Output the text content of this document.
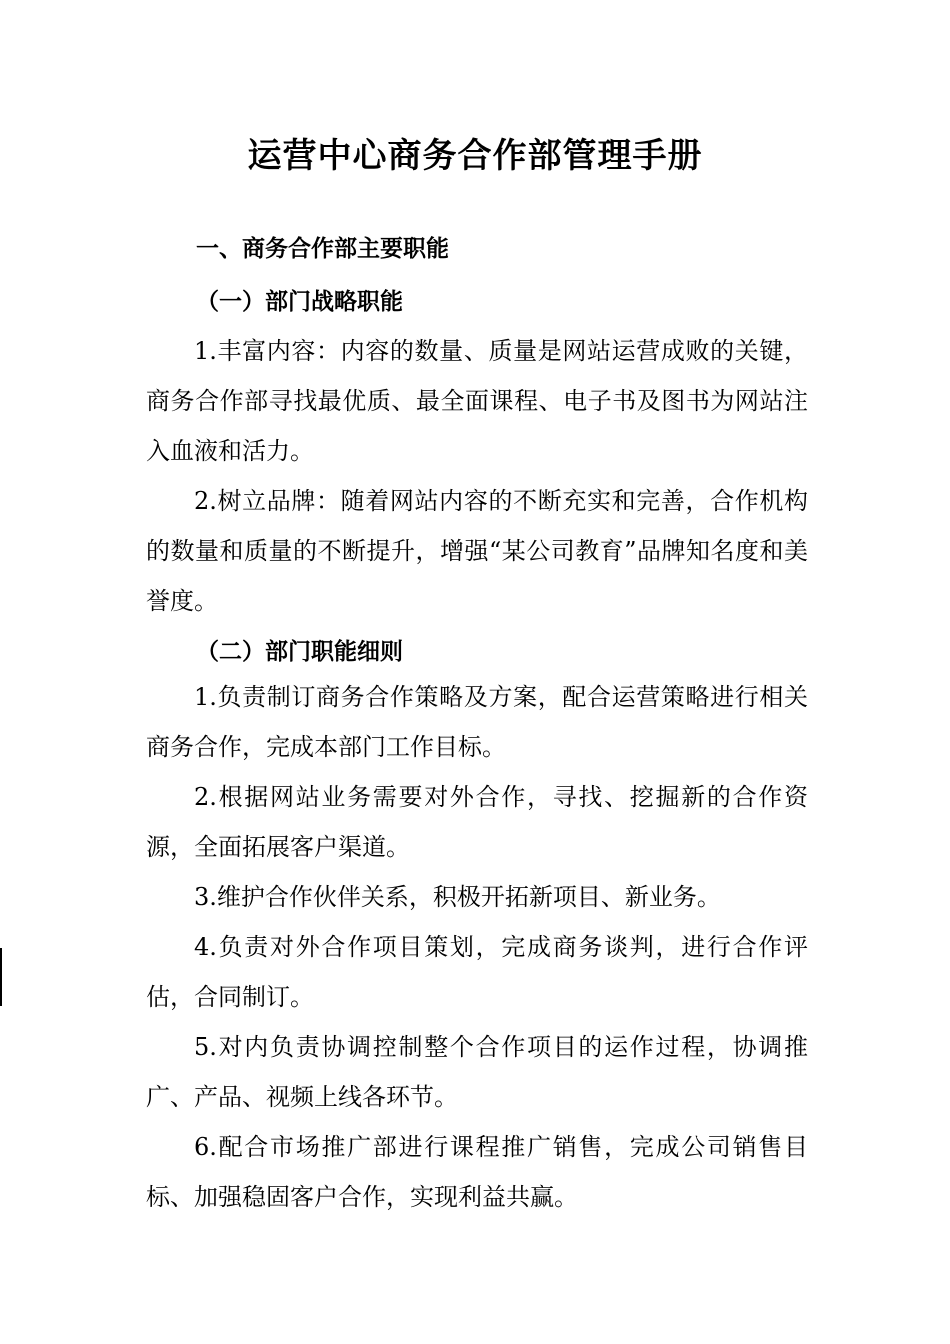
运营中心商务合作部管理手册
一、商务合作部主要职能
（一）部门战略职能

1.丰富内容：内容的数量、质量是网站运营成败的关键，商务合作部寻找最优质、最全面课程、电子书及图书为网站注入血液和活力。

2.树立品牌：随着网站内容的不断充实和完善，合作机构的数量和质量的不断提升，增强“某公司教育”品牌知名度和美誉度。

（二）部门职能细则

1.负责制订商务合作策略及方案，配合运营策略进行相关商务合作，完成本部门工作目标。

2.根据网站业务需要对外合作，寻找、挖掘新的合作资源，全面拓展客户渠道。

3.维护合作伙伴关系，积极开拓新项目、新业务。

4.负责对外合作项目策划，完成商务谈判，进行合作评估，合同制订。

5.对内负责协调控制整个合作项目的运作过程，协调推广、产品、视频上线各环节。

6.配合市场推广部进行课程推广销售，完成公司销售目标、加强稳固客户合作，实现利益共赢。
